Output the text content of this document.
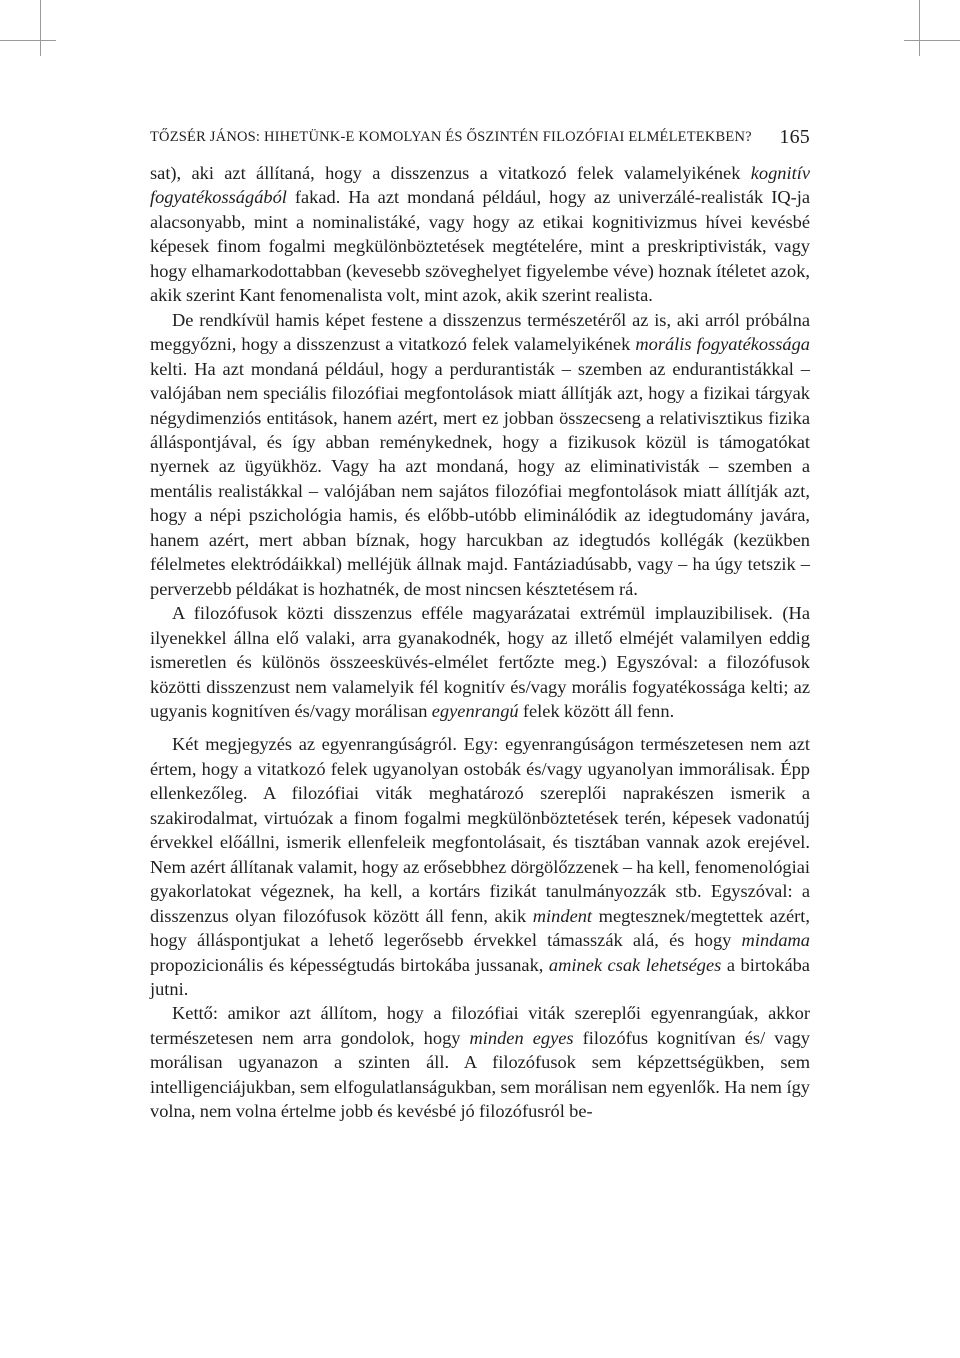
TŐZSÉR JÁNOS: HIHETÜNK-E KOMOLYAN ÉS ŐSZINTÉN FILOZÓFIAI ELMÉLETEKBEN? 165

sat), aki azt állítaná, hogy a disszenzus a vitatkozó felek valamelyikének kognitív fogyatékosságából fakad. Ha azt mondaná például, hogy az univerzálé-realisták IQ-ja alacsonyabb, mint a nominalistáké, vagy hogy az etikai kognitivizmus hívei kevésbé képesek finom fogalmi megkülönböztetések megtételére, mint a preskriptivisták, vagy hogy elhamarkodottabban (kevesebb szöveghelyet figyelembe véve) hoznak ítéletet azok, akik szerint Kant fenomenalista volt, mint azok, akik szerint realista.

De rendkívül hamis képet festene a disszenzus természetéről az is, aki arról próbálna meggyőzni, hogy a disszenzust a vitatkozó felek valamelyikének morális fogyatékossága kelti. Ha azt mondaná például, hogy a perdurantisták – szemben az endurantistákkal – valójában nem speciális filozófiai megfontolások miatt állítják azt, hogy a fizikai tárgyak négydimenziós entitások, hanem azért, mert ez jobban összecseng a relativisztikus fizika álláspontjával, és így abban reménykednek, hogy a fizikusok közül is támogatókat nyernek az ügyükhöz. Vagy ha azt mondaná, hogy az eliminativisták – szemben a mentális realistákkal – valójában nem sajátos filozófiai megfontolások miatt állítják azt, hogy a népi pszichológia hamis, és előbb-utóbb eliminálódik az idegtudomány javára, hanem azért, mert abban bíznak, hogy harcukban az idegtudós kollégák (kezükben félelmetes elektródáikkal) melléjük állnak majd. Fantáziadúsabb, vagy – ha úgy tetszik – perverzebb példákat is hozhatnék, de most nincsen késztetésem rá.

A filozófusok közti disszenzus efféle magyarázatai extrémül implauzibilisek. (Ha ilyenekkel állna elő valaki, arra gyanakodnék, hogy az illető elméjét valamilyen eddig ismeretlen és különös összeesküvés-elmélet fertőzte meg.) Egyszóval: a filozófusok közötti disszenzust nem valamelyik fél kognitív és/vagy morális fogyatékossága kelti; az ugyanis kognitíven és/vagy morálisan egyenrangú felek között áll fenn.

Két megjegyzés az egyenrangúságról. Egy: egyenrangúságon természetesen nem azt értem, hogy a vitatkozó felek ugyanolyan ostobák és/vagy ugyanolyan immorálisak. Épp ellenkezőleg. A filozófiai viták meghatározó szereplői naprakészen ismerik a szakirodalmat, virtuózak a finom fogalmi megkülönböztetések terén, képesek vadonatúj érvekkel előállni, ismerik ellenfeleik megfontolásait, és tisztában vannak azok erejével. Nem azért állítanak valamit, hogy az erősebbhez dörgölőzzenek – ha kell, fenomenológiai gyakorlatokat végeznek, ha kell, a kortárs fizikát tanulmányozzák stb. Egyszóval: a disszenzus olyan filozófusok között áll fenn, akik mindent megtesznek/megtettek azért, hogy álláspontjukat a lehető legerősebb érvekkel támasszák alá, és hogy mindama propozicionális és képességtudás birtokába jussanak, aminek csak lehetséges a birtokába jutni.

Kettő: amikor azt állítom, hogy a filozófiai viták szereplői egyenrangúak, akkor természetesen nem arra gondolok, hogy minden egyes filozófus kognitívan és/ vagy morálisan ugyanazon a szinten áll. A filozófusok sem képzettségükben, sem intelligenciájukban, sem elfogulatlanságukban, sem morálisan nem egyenlők. Ha nem így volna, nem volna értelme jobb és kevésbé jó filozófusról be-
